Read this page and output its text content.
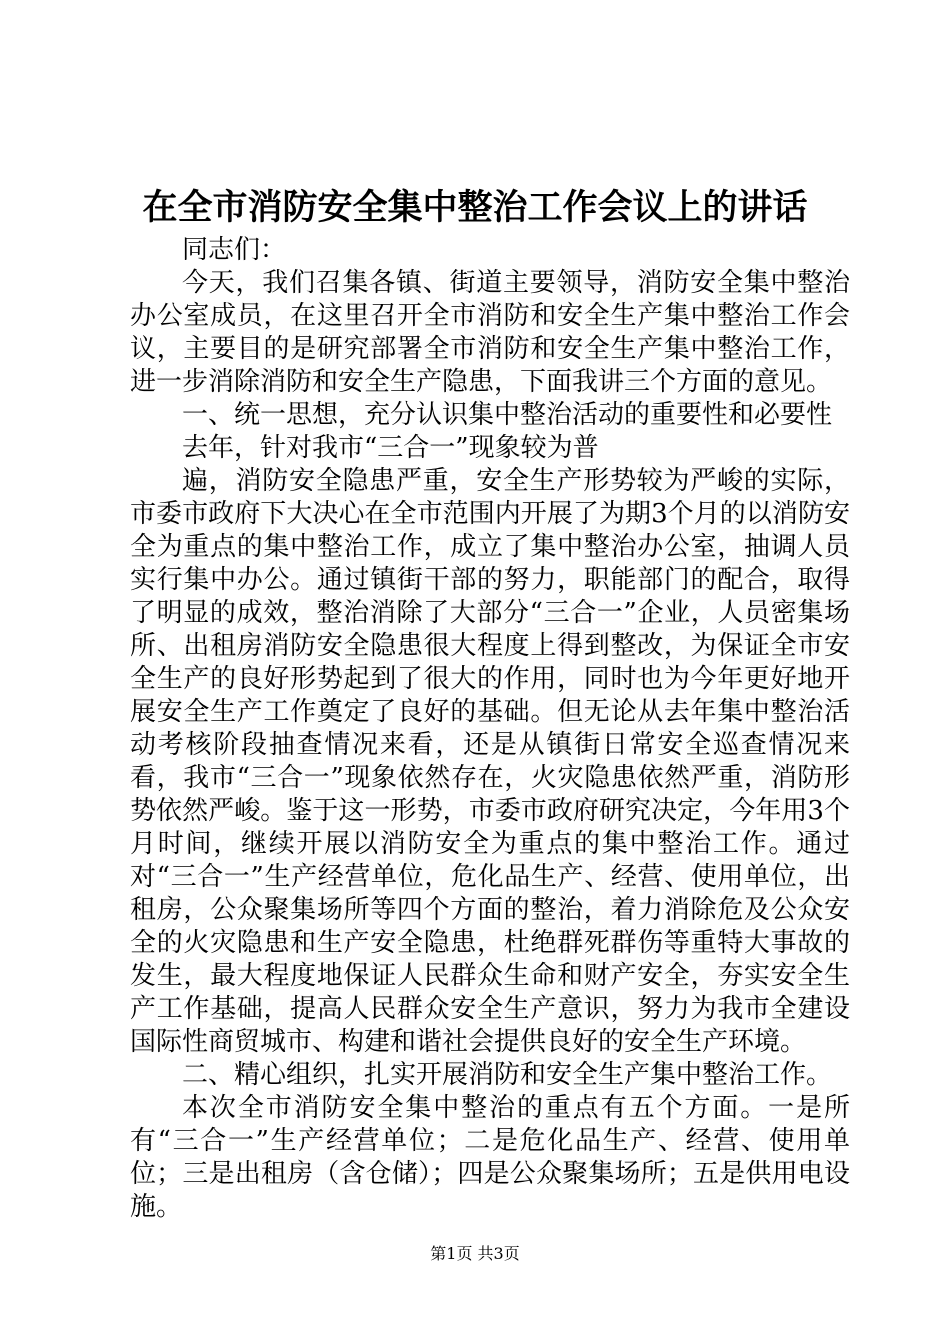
在全市消防安全集中整治工作会议上的讲话

同志们：

今天，我们召集各镇、街道主要领导，消防安全集中整治办公室成员，在这里召开全市消防和安全生产集中整治工作会议，主要目的是研究部署全市消防和安全生产集中整治工作，进一步消除消防和安全生产隐患，下面我讲三个方面的意见。

一、统一思想，充分认识集中整治活动的重要性和必要性

去年，针对我市“三合一”现象较为普

遍，消防安全隐患严重，安全生产形势较为严峻的实际，市委市政府下大决心在全市范围内开展了为期3个月的以消防安全为重点的集中整治工作，成立了集中整治办公室，抽调人员实行集中办公。通过镇街干部的努力，职能部门的配合，取得了明显的成效，整治消除了大部分“三合一”企业，人员密集场所、出租房消防安全隐患很大程度上得到整改，为保证全市安全生产的良好形势起到了很大的作用，同时也为今年更好地开展安全生产工作奠定了良好的基础。但无论从去年集中整治活动考核阶段抽查情况来看，还是从镇街日常安全巡查情况来看，我市“三合一”现象依然存在，火灾隐患依然严重，消防形势依然严峻。鉴于这一形势，市委市政府研究决定，今年用3个月时间，继续开展以消防安全为重点的集中整治工作。通过对“三合一”生产经营单位，危化品生产、经营、使用单位，出租房，公众聚集场所等四个方面的整治，着力消除危及公众安全的火灾隐患和生产安全隐患，杜绝群死群伤等重特大事故的发生，最大程度地保证人民群众生命和财产安全，夯实安全生产工作基础，提高人民群众安全生产意识，努力为我市全建设国际性商贸城市、构建和谐社会提供良好的安全生产环境。

二、精心组织，扎实开展消防和安全生产集中整治工作。

本次全市消防安全集中整治的重点有五个方面。一是所有“三合一”生产经营单位；二是危化品生产、经营、使用单位；三是出租房（含仓储）；四是公众聚集场所；五是供用电设施。

第1页 共3页
